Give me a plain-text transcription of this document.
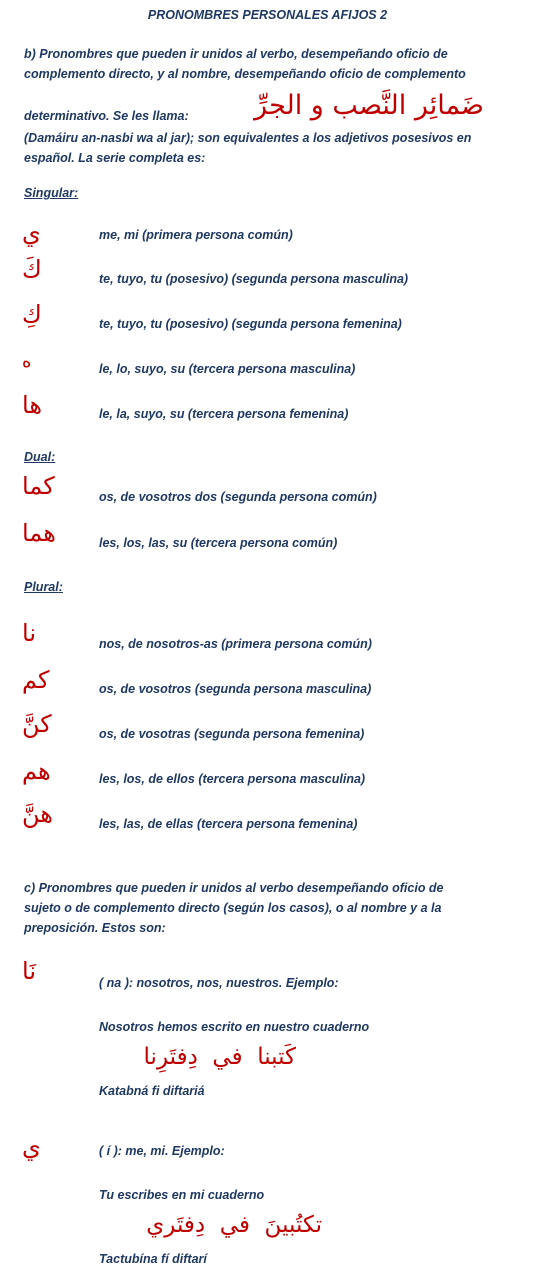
PRONOMBRES PERSONALES AFIJOS 2
b) Pronombres que pueden ir unidos al verbo, desempeñando oficio de
complemento directo, y al nombre, desempeñando oficio de complemento
determinativo. Se les llama:	ضَمائِر النَّصب و الجرِّ
(Damáiru an-nasbi wa al jar); son equivalentes a los adjetivos posesivos en
español. La serie completa es:
Singular:
ي	me, mi (primera persona común)
كَ	te, tuyo, tu (posesivo) (segunda persona masculina)
كِ	te, tuyo, tu (posesivo) (segunda persona femenina)
ه	le, lo, suyo, su (tercera persona masculina)
ها	le, la, suyo, su (tercera persona femenina)
Dual:
كما	os, de vosotros dos (segunda persona común)
هما	les, los, las, su (tercera persona común)
Plural:
نا	nos, de nosotros-as (primera persona común)
كم	os, de vosotros (segunda persona masculina)
كنَّ	os, de vosotras (segunda persona femenina)
هم	les, los, de ellos (tercera persona masculina)
هنَّ	les, las, de ellas (tercera persona femenina)
c) Pronombres que pueden ir unidos al verbo desempeñando oficio de
sujeto o de complemento directo (según los casos), o al nombre y a la
preposición. Estos son:
نَا	( na ): nosotros, nos, nuestros. Ejemplo:
Nosotros hemos escrito en nuestro cuaderno
كَتبنا  في  دِفتَرِنا
Katabná fi diftariá
ي	( í ): me, mi. Ejemplo:
Tu escribes en mi cuaderno
تكتُبينَ  في  دِفتَري
Tactubína fí diftarí
